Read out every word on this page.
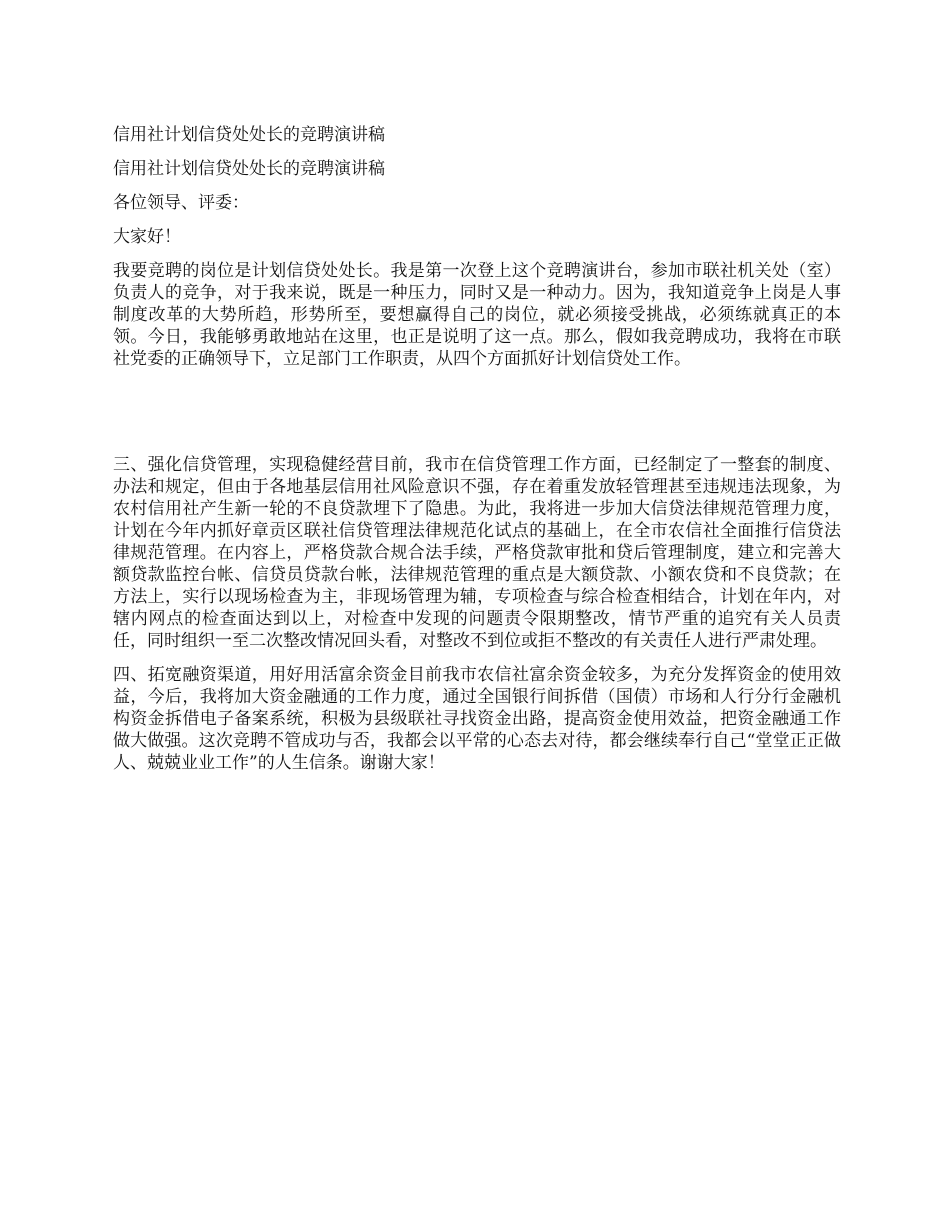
信用社计划信贷处处长的竞聘演讲稿

信用社计划信贷处处长的竞聘演讲稿

各位领导、评委：

大家好！

我要竞聘的岗位是计划信贷处处长。我是第一次登上这个竞聘演讲台，参加市联社机关处（室）负责人的竞争，对于我来说，既是一种压力，同时又是一种动力。因为，我知道竞争上岗是人事制度改革的大势所趋，形势所至，要想赢得自己的岗位，就必须接受挑战，必须练就真正的本领。今日，我能够勇敢地站在这里，也正是说明了这一点。那么，假如我竞聘成功，我将在市联社党委的正确领导下，立足部门工作职责，从四个方面抓好计划信贷处工作。

三、强化信贷管理，实现稳健经营目前，我市在信贷管理工作方面，已经制定了一整套的制度、办法和规定，但由于各地基层信用社风险意识不强，存在着重发放轻管理甚至违规违法现象，为农村信用社产生新一轮的不良贷款埋下了隐患。为此，我将进一步加大信贷法律规范管理力度，计划在今年内抓好章贡区联社信贷管理法律规范化试点的基础上，在全市农信社全面推行信贷法律规范管理。在内容上，严格贷款合规合法手续，严格贷款审批和贷后管理制度，建立和完善大额贷款监控台帐、信贷员贷款台帐，法律规范管理的重点是大额贷款、小额农贷和不良贷款；在方法上，实行以现场检查为主，非现场管理为辅，专项检查与综合检查相结合，计划在年内，对辖内网点的检查面达到以上，对检查中发现的问题责令限期整改，情节严重的追究有关人员责任，同时组织一至二次整改情况回头看，对整改不到位或拒不整改的有关责任人进行严肃处理。

四、拓宽融资渠道，用好用活富余资金目前我市农信社富余资金较多，为充分发挥资金的使用效益，今后，我将加大资金融通的工作力度，通过全国银行间拆借（国债）市场和人行分行金融机构资金拆借电子备案系统，积极为县级联社寻找资金出路，提高资金使用效益，把资金融通工作做大做强。这次竞聘不管成功与否，我都会以平常的心态去对待，都会继续奉行自己“堂堂正正做人、兢兢业业工作”的人生信条。谢谢大家！
